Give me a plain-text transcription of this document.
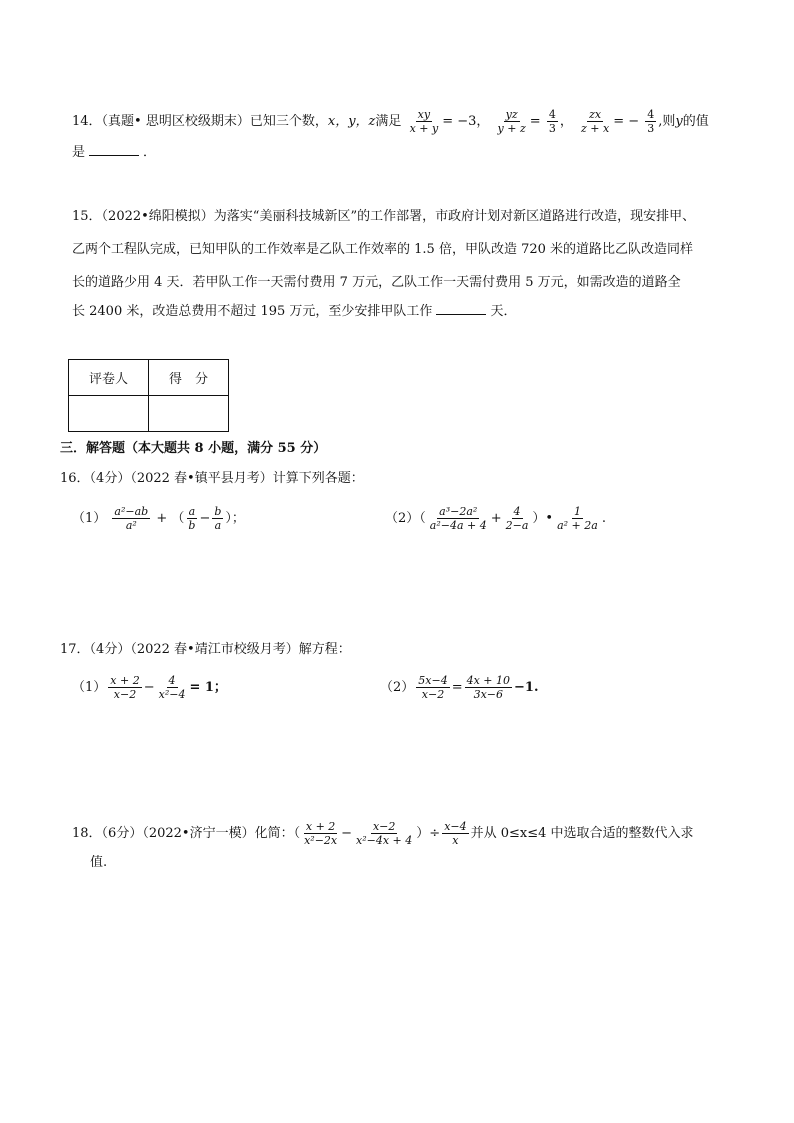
14．（真题• 思明区校级期末）已知三个数，x，y，z满足 $\frac{xy}{x + y} = -3$， $\frac{yz}{y + z} = \frac{4}{3}$ ， $\frac{zx}{z + x}$ = − $\frac{4}{3}$ ,则y的值
是	．
15．（2022•绵阳模拟）为落实“美丽科技城新区”的工作部署，市政府计划对新区道路进行改造，现安排甲、
乙两个工程队完成，已知甲队的工作效率是乙队工作效率的 1.5 倍，甲队改造 720 米的道路比乙队改造同样
长的道路少用 4 天．若甲队工作一天需付费用 7 万元，乙队工作一天需付费用 5 万元，如需改造的道路全
长 2400 米，改造总费用不超过 195 万元，至少安排甲队工作	天．
评卷人	得　分

三．解答题（本大题共 8 小题，满分 55 分）
16．（4分）（2022 春•镇平县月考）计算下列各题：
$(1) \frac{\text{a²−ab}}{\text{a²}}$ + （ $\frac{a}{b} - \frac{b}{a}$ ）；	$(2)( \frac{\text{a³−2a²}}{\text{a²−4a + 4}} + \frac{4}{2-a}$ ）• $\frac{1}{\text{a² + 2a}}$ .
17．（4分）（2022 春•靖江市校级月考）解方程：
$(1) \frac{x + 2}{x-2} - \frac{4}{\text{x²−4}} = 1$；	$(2) \frac{5x-4}{x-2} = \frac{4x + 10}{3x-6} -1$.
18．（6分）（2022•济宁一模）化简：（ $\frac{x + 2}{\text{x²−2x}} - \frac{x-2}{\text{x²−4x + 4}}$ ）÷ $\frac{x-4}{x}$ 并从 0≤x≤4 中选取合适的整数代入求
值.
